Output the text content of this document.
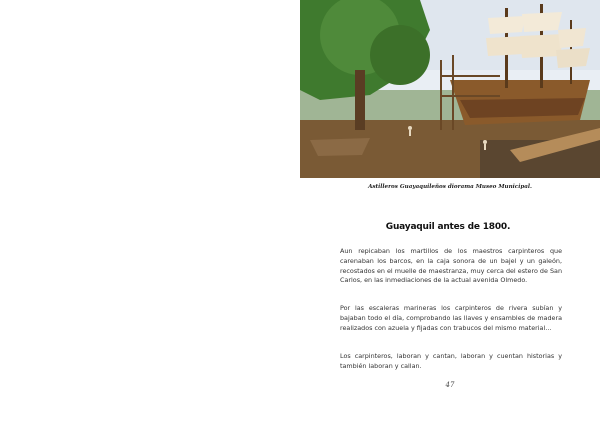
Astilleros Guayaquileños diorama Museo Municipal.
Guayaquil antes de 1800.

Aun repicaban los martillos de los maestros carpinteros que carenaban los barcos, en la caja sonora de un bajel y un galeón, recostados en el muelle de maestranza, muy cerca del estero de San Carlos, en las inmediaciones de la actual avenida Olmedo.

Por las escaleras marineras los carpinteros de rivera subían y bajaban todo el día, comprobando las llaves y ensambles de madera realizados con azuela y fijadas con trabucos del mismo material…

Los carpinteros, laboran y cantan, laboran y cuentan historias y también laboran y callan.

47
